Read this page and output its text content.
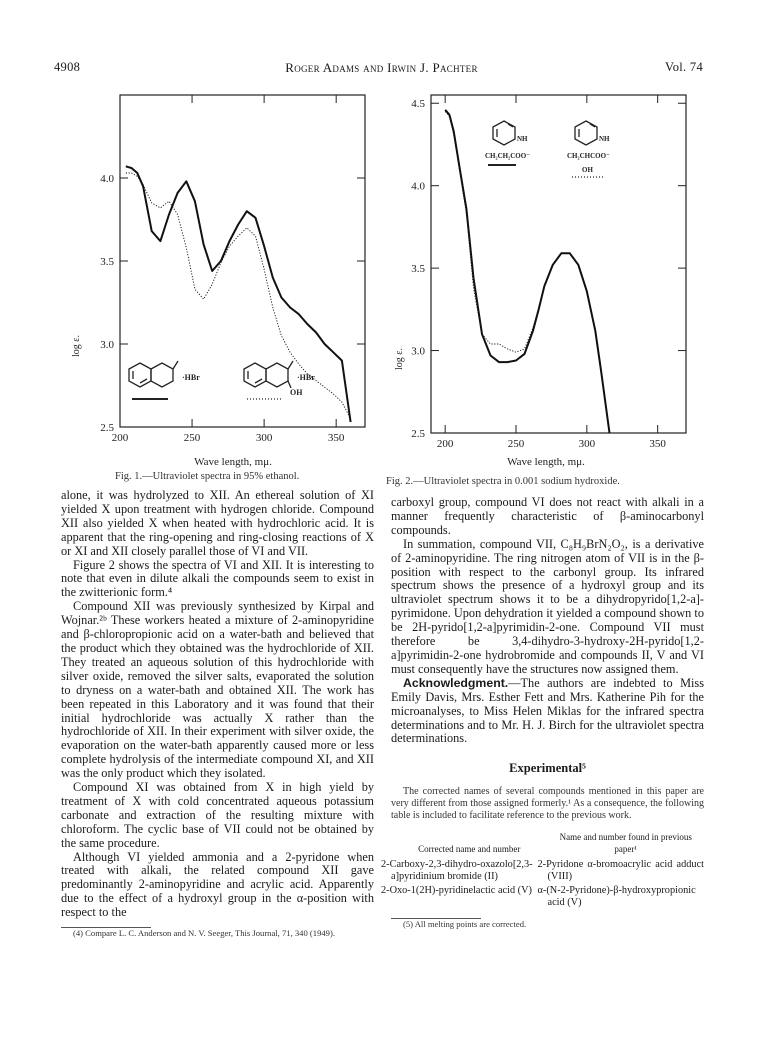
4908	Roger Adams and Irwin J. Pachter	Vol. 74
2.5
3.0
3.5
4.0
200	250	300	350
·HBr	·HBr
OH
log ε.
Wave length, mμ.
Fig. 1.—Ultraviolet spectra in 95% ethanol.
2.5
3.0
3.5
4.0
4.5
200	250	300	350
NH
CH₂CH₂COO⁻
NH
CH₂CHCOO⁻
OH
log ε.
Wave length, mμ.
Fig. 2.—Ultraviolet spectra in 0.001 sodium hydroxide.

alone, it was hydrolyzed to XII. An ethereal solution of XI yielded X upon treatment with hydrogen chloride. Compound XII also yielded X when heated with hydrochloric acid. It is apparent that the ring-opening and ring-closing reactions of X or XI and XII closely parallel those of VI and VII.

Figure 2 shows the spectra of VI and XII. It is interesting to note that even in dilute alkali the compounds seem to exist in the zwitterionic form.⁴

Compound XII was previously synthesized by Kirpal and Wojnar.²ᵇ These workers heated a mixture of 2-aminopyridine and β-chloropropionic acid on a water-bath and believed that the product which they obtained was the hydrochloride of XII. They treated an aqueous solution of this hydrochloride with silver oxide, removed the silver salts, evaporated the solution to dryness on a water-bath and obtained XII. The work has been repeated in this Laboratory and it was found that their initial hydrochloride was actually X rather than the hydrochloride of XII. In their experiment with silver oxide, the evaporation on the water-bath apparently caused more or less complete hydrolysis of the intermediate compound XI, and XII was the only product which they isolated.

Compound XI was obtained from X in high yield by treatment of X with cold concentrated aqueous potassium carbonate and extraction of the resulting mixture with chloroform. The cyclic base of VII could not be obtained by the same procedure.

Although VI yielded ammonia and a 2-pyridone when treated with alkali, the related compound XII gave predominantly 2-aminopyridine and acrylic acid. Apparently due to the effect of a hydroxyl group in the α-position with respect to the

(4) Compare L. C. Anderson and N. V. Seeger, This Journal, 71, 340 (1949).

carboxyl group, compound VI does not react with alkali in a manner frequently characteristic of β-aminocarbonyl compounds.

In summation, compound VII, C₈H₉BrN₂O₂, is a derivative of 2-aminopyridine. The ring nitrogen atom of VII is in the β-position with respect to the carbonyl group. Its infrared spectrum shows the presence of a hydroxyl group and its ultraviolet spectrum shows it to be a dihydropyrido[1,2-a]-pyrimidone. Upon dehydration it yielded a compound shown to be 2H-pyrido[1,2-a]pyrimidin-2-one. Compound VII must therefore be 3,4-dihydro-3-hydroxy-2H-pyrido[1,2-a]pyrimidin-2-one hydrobromide and compounds II, V and VI must consequently have the structures now assigned them.

Acknowledgment.—The authors are indebted to Miss Emily Davis, Mrs. Esther Fett and Mrs. Katherine Pih for the microanalyses, to Miss Helen Miklas for the infrared spectra determinations and to Mr. H. J. Birch for the ultraviolet spectra determinations.

Experimental⁵

The corrected names of several compounds mentioned in this paper are very different from those assigned formerly.¹ As a consequence, the following table is included to facilitate reference to the previous work.

Corrected name and number	Name and number found in previous paper¹
2-Carboxy-2,3-dihydro-oxazolo[2,3-a]pyridinium bromide (II)	2-Pyridone α-bromoacrylic acid adduct (VIII)
2-Oxo-1(2H)-pyridinelactic acid (V)	α-(N-2-Pyridone)-β-hydroxypropionic acid (V)

(5) All melting points are corrected.
